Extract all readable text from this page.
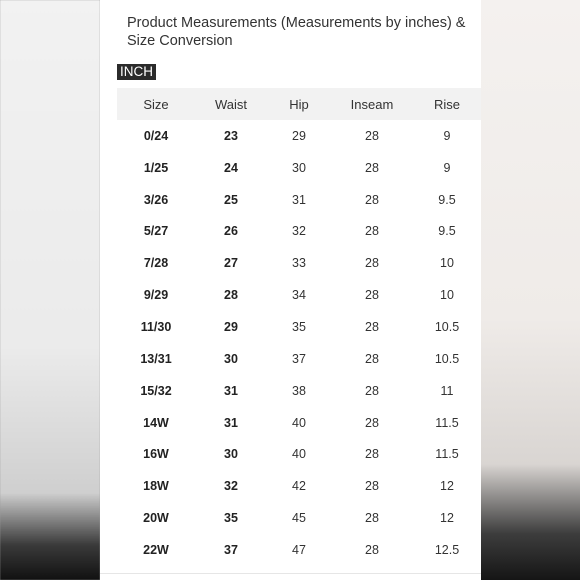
Product Measurements (Measurements by inches) & Size Conversion
INCH
Size	Waist	Hip	Inseam	Rise
0/24	23	29	28	9
1/25	24	30	28	9
3/26	25	31	28	9.5
5/27	26	32	28	9.5
7/28	27	33	28	10
9/29	28	34	28	10
11/30	29	35	28	10.5
13/31	30	37	28	10.5
15/32	31	38	28	11
14W	31	40	28	11.5
16W	30	40	28	11.5
18W	32	42	28	12
20W	35	45	28	12
22W	37	47	28	12.5
